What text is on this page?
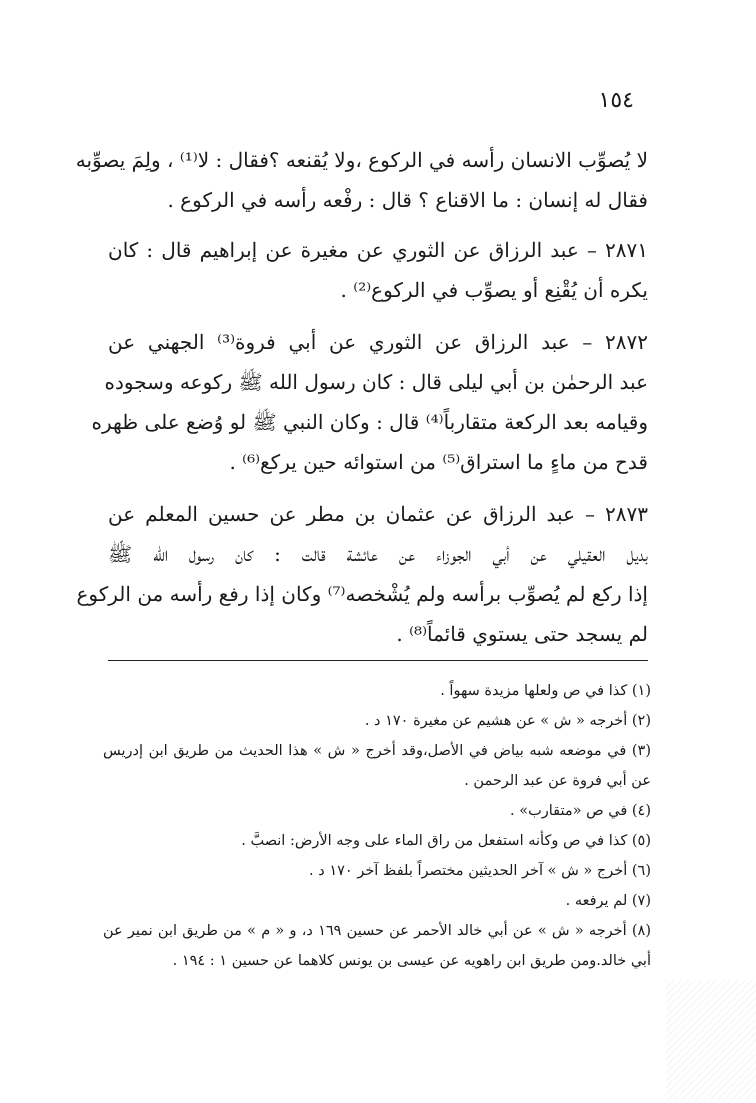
١٥٤
لا يُصوِّب الانسان رأسه في الركوع ،ولا يُقنعه ؟فقال : لا⁽¹⁾ ، ولِمَ يصوِّبه
فقال له إنسان : ما الاقناع ؟ قال : رفْعه رأسه في الركوع .
٢٨٧١ – عبد الرزاق عن الثوري عن مغيرة عن إبراهيم قال : كان
يكره أن يُقْنِع أو يصوِّب في الركوع⁽²⁾ .
٢٨٧٢ – عبد الرزاق عن الثوري عن أبي فروة⁽³⁾ الجهني عن
عبد الرحمٰن بن أبي ليلى قال : كان رسول الله ﷺ ركوعه وسجوده
وقيامه بعد الركعة متقارباً⁽⁴⁾ قال : وكان النبي ﷺ لو وُضع على ظهره
قدح من ماءٍ ما استراق⁽⁵⁾ من استوائه حين يركع⁽⁶⁾ .
٢٨٧٣ – عبد الرزاق عن عثمان بن مطر عن حسين المعلم عن
بديل العقيلي عن أبي الجوزاء عن عائشة قالت : كان رسول الله ﷺ
إذا ركع لم يُصوِّب برأسه ولم يُشْخصه⁽⁷⁾ وكان إذا رفع رأسه من الركوع
لم يسجد حتى يستوي قائماً⁽⁸⁾ .

(١) كذا في ص ولعلها مزيدة سهواً .

(٢) أخرجه « ش » عن هشيم عن مغيرة ١٧٠ د .

(٣) في موضعه شبه بياض في الأصل،وقد أخرج « ش » هذا الحديث من طريق ابن إدريس عن أبي فروة عن عبد الرحمن .

(٤) في ص «متقارب» .

(٥) كذا في ص وكأنه استفعل من راق الماء على وجه الأرض: انصبَّ .

(٦) أخرج « ش » آخر الحديثين مختصراً بلفظ آخر ١٧٠ د .

(٧) لم يرفعه .

(٨) أخرجه « ش » عن أبي خالد الأحمر عن حسين ١٦٩ د، و « م » من طريق ابن نمير عن أبي خالد.ومن طريق ابن راهويه عن عيسى بن يونس كلاهما عن حسين ١ : ١٩٤ .
